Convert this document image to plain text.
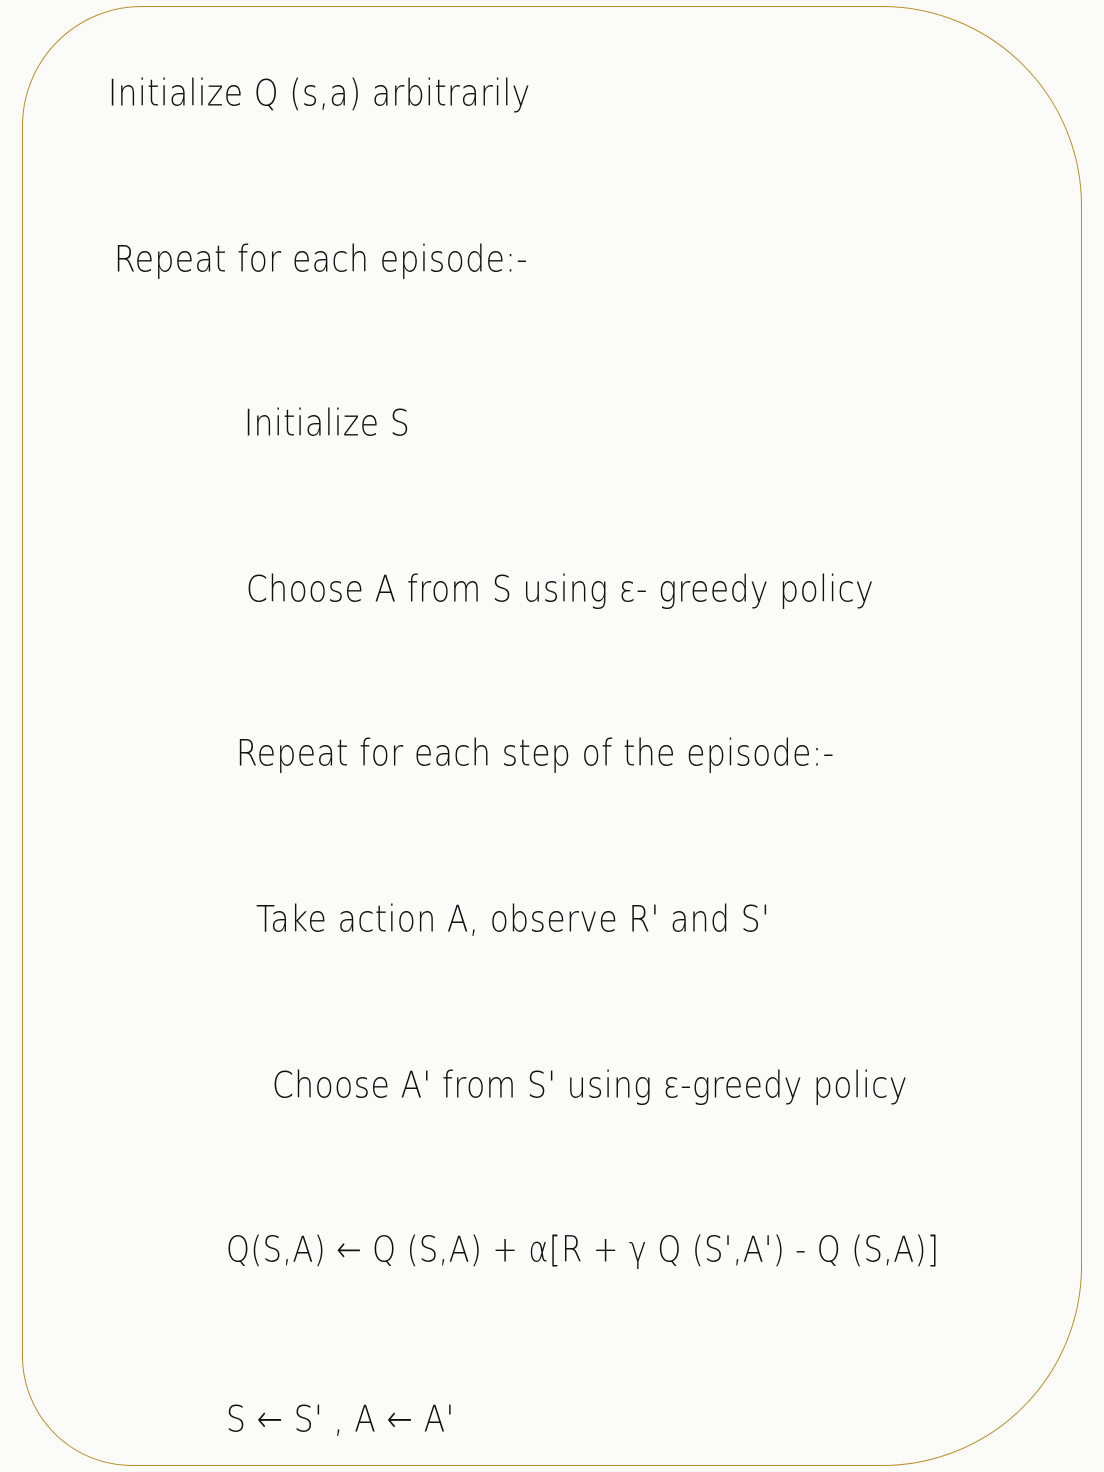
Initialize Q (s,a) arbitrarily

Repeat for each episode:-

Initialize S

Choose A from S using ε- greedy policy

Repeat for each step of the episode:-

Take action A, observe R' and S'

Choose A' from S' using ε-greedy policy

Q(S,A) ← Q (S,A) + α[R + γ Q (S',A') - Q (S,A)]

S ← S' , A ← A'
